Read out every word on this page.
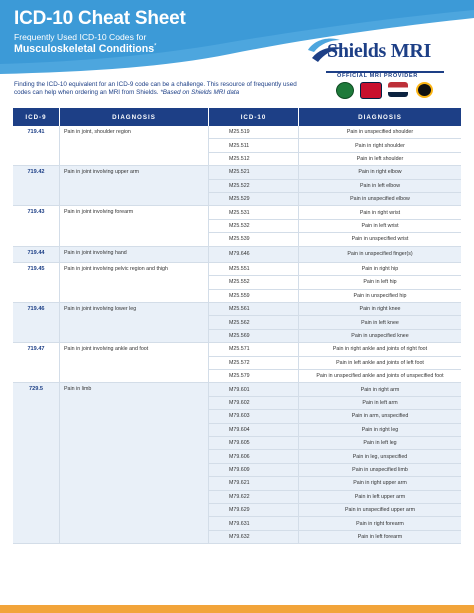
ICD-10 Cheat Sheet
Frequently Used ICD-10 Codes for
Musculoskeletal Conditions*	Shields MRI
OFFICIAL MRI PROVIDER
Finding the ICD-10 equivalent for an ICD-9 code can be a challenge. This resource of frequently used codes can help when ordering an MRI from Shields. *Based on Shields MRI data
ICD-9	DIAGNOSIS	ICD-10	DIAGNOSIS
719.41	Pain in joint, shoulder region	M25.519	Pain in unspecified shoulder
		M25.511	Pain in right shoulder
		M25.512	Pain in left shoulder
719.42	Pain in joint involving upper arm	M25.521	Pain in right elbow
		M25.522	Pain in left elbow
		M25.529	Pain in unspecified elbow
719.43	Pain in joint involving forearm	M25.531	Pain in right wrist
		M25.532	Pain in left wrist
		M25.539	Pain in unspecified wrist
719.44	Pain in joint involving hand	M79.646	Pain in unspecified finger(s)
719.45	Pain in joint involving pelvic region and thigh	M25.551	Pain in right hip
		M25.552	Pain in left hip
		M25.559	Pain in unspecified hip
719.46	Pain in joint involving lower leg	M25.561	Pain in right knee
		M25.562	Pain in left knee
		M25.569	Pain in unspecified knee
719.47	Pain in joint involving ankle and foot	M25.571	Pain in right ankle and joints of right foot
		M25.572	Pain in left ankle and joints of left foot
		M25.579	Pain in unspecified ankle and joints of unspecified foot
729.5	Pain in limb	M79.601	Pain in right arm
		M79.602	Pain in left arm
		M79.603	Pain in arm, unspecified
		M79.604	Pain in right leg
		M79.605	Pain in left leg
		M79.606	Pain in leg, unspecified
		M79.609	Pain in unspecified limb
		M79.621	Pain in right upper arm
		M79.622	Pain in left upper arm
		M79.629	Pain in unspecified upper arm
		M79.631	Pain in right forearm
		M79.632	Pain in left forearm
